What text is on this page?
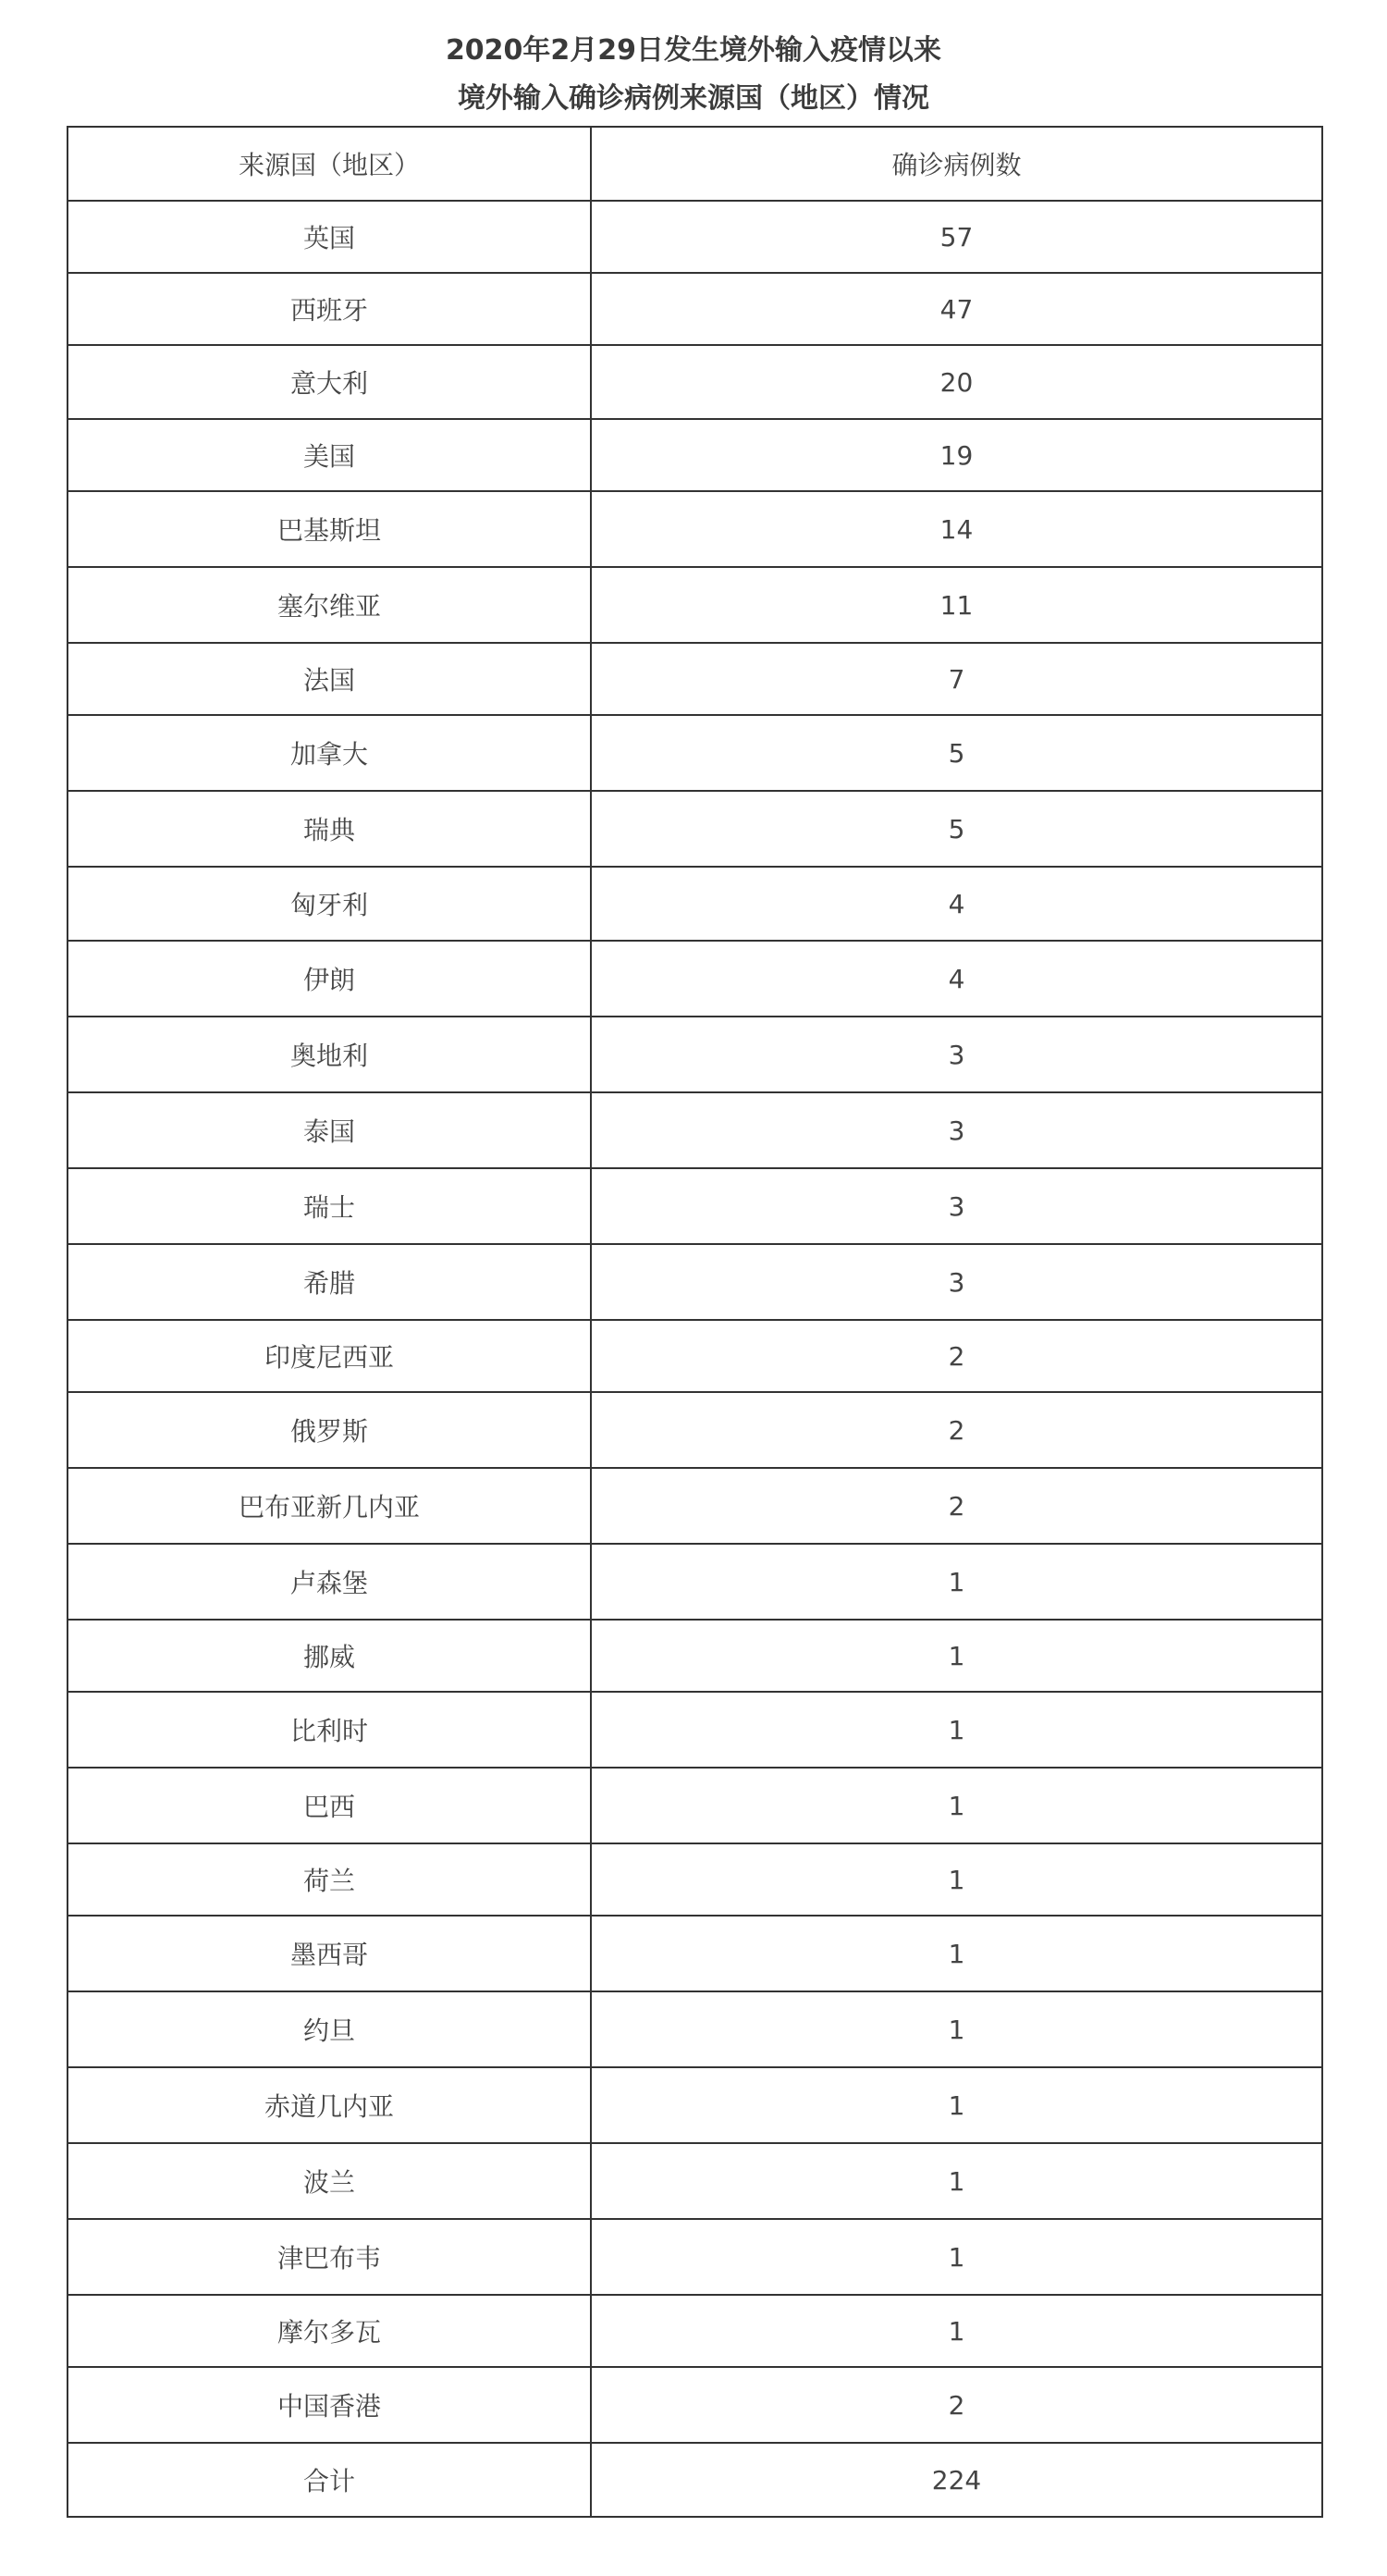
2020年2月29日发生境外输入疫情以来
境外输入确诊病例来源国（地区）情况
来源国（地区）	确诊病例数
英国	57
西班牙	47
意大利	20
美国	19
巴基斯坦	14
塞尔维亚	11
法国	7
加拿大	5
瑞典	5
匈牙利	4
伊朗	4
奥地利	3
泰国	3
瑞士	3
希腊	3
印度尼西亚	2
俄罗斯	2
巴布亚新几内亚	2
卢森堡	1
挪威	1
比利时	1
巴西	1
荷兰	1
墨西哥	1
约旦	1
赤道几内亚	1
波兰	1
津巴布韦	1
摩尔多瓦	1
中国香港	2
合计	224
